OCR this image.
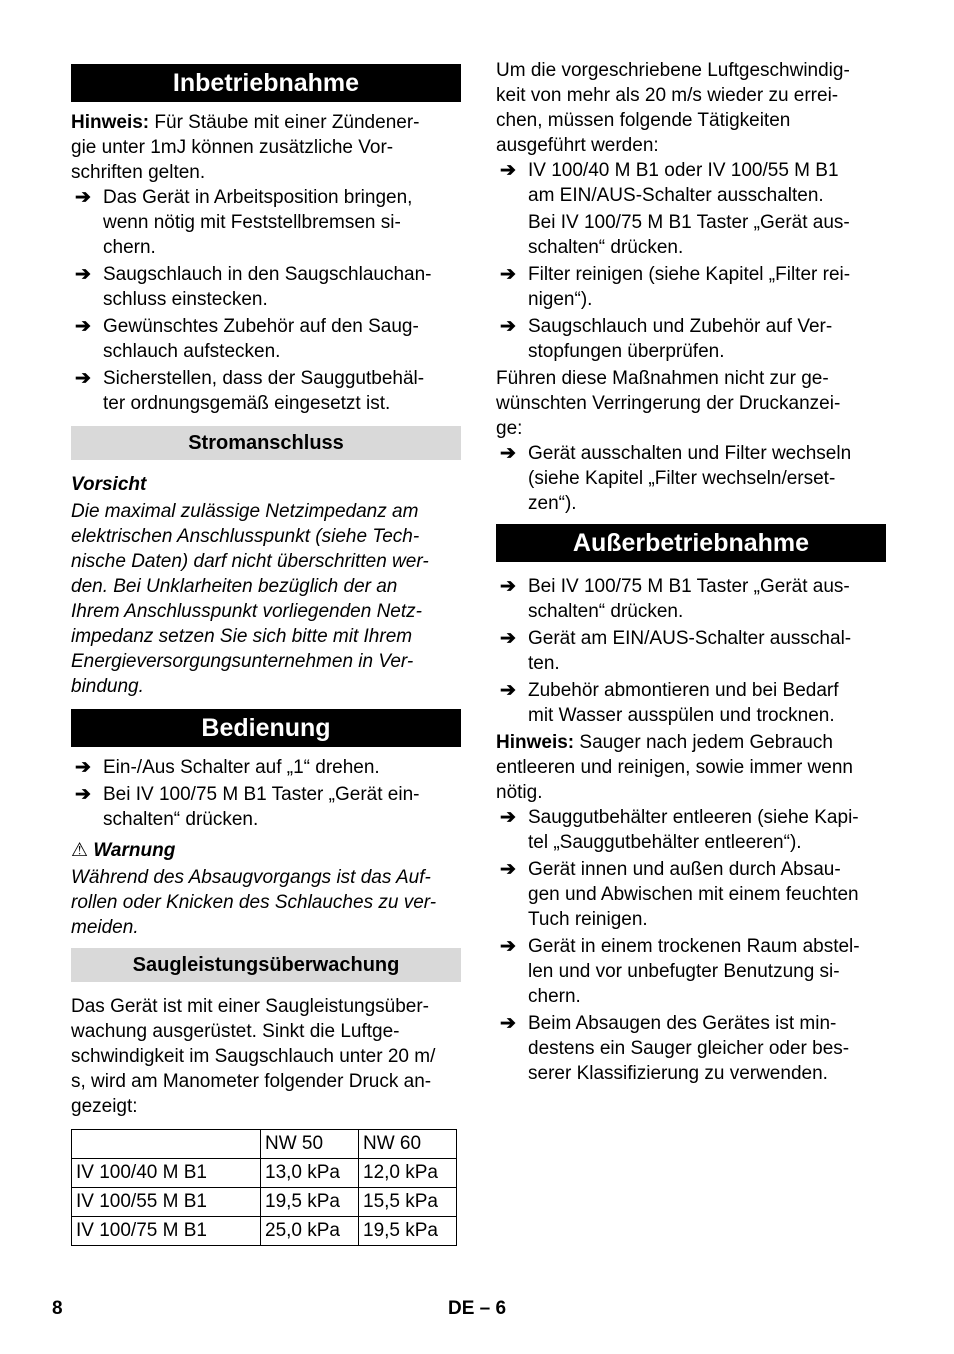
Inbetriebnahme

Hinweis: Für Stäube mit einer Zündener-
gie unter 1mJ können zusätzliche Vor-
schriften gelten.

➔ Das Gerät in Arbeitsposition bringen,
wenn nötig mit Feststellbremsen si-
chern.
➔ Saugschlauch in den Saugschlauchan-
schluss einstecken.
➔ Gewünschtes Zubehör auf den Saug-
schlauch aufstecken.
➔ Sicherstellen, dass der Sauggutbehäl-
ter ordnungsgemäß eingesetzt ist.
Stromanschluss
Vorsicht

Die maximal zulässige Netzimpedanz am
elektrischen Anschlusspunkt (siehe Tech-
nische Daten) darf nicht überschritten wer-
den. Bei Unklarheiten bezüglich der an
Ihrem Anschlusspunkt vorliegenden Netz-
impedanz setzen Sie sich bitte mit Ihrem
Energieversorgungsunternehmen in Ver-
bindung.

Bedienung
➔ Ein-/Aus Schalter auf „1“ drehen.
➔ Bei IV 100/75 M B1 Taster „Gerät ein-
schalten“ drücken.
⚠ Warnung

Während des Absaugvorgangs ist das Auf-
rollen oder Knicken des Schlauches zu ver-
meiden.

Saugleistungsüberwachung

Das Gerät ist mit einer Saugleistungsüber-
wachung ausgerüstet. Sinkt die Luftge-
schwindigkeit im Saugschlauch unter 20 m/
s, wird am Manometer folgender Druck an-
gezeigt:

	NW 50	NW 60
IV 100/40 M B1	13,0 kPa	12,0 kPa
IV 100/55 M B1	19,5 kPa	15,5 kPa
IV 100/75 M B1	25,0 kPa	19,5 kPa

Um die vorgeschriebene Luftgeschwindig-
keit von mehr als 20 m/s wieder zu errei-
chen, müssen folgende Tätigkeiten
ausgeführt werden:

➔ IV 100/40 M B1 oder IV 100/55 M B1
am EIN/AUS-Schalter ausschalten.
Bei IV 100/75 M B1 Taster „Gerät aus-
schalten“ drücken.
➔ Filter reinigen (siehe Kapitel „Filter rei-
nigen“).
➔ Saugschlauch und Zubehör auf Ver-
stopfungen überprüfen.

Führen diese Maßnahmen nicht zur ge-
wünschten Verringerung der Druckanzei-
ge:

➔ Gerät ausschalten und Filter wechseln
(siehe Kapitel „Filter wechseln/erset-
zen“).
Außerbetriebnahme
➔ Bei IV 100/75 M B1 Taster „Gerät aus-
schalten“ drücken.
➔ Gerät am EIN/AUS-Schalter ausschal-
ten.
➔ Zubehör abmontieren und bei Bedarf
mit Wasser ausspülen und trocknen.

Hinweis: Sauger nach jedem Gebrauch
entleeren und reinigen, sowie immer wenn
nötig.

➔ Sauggutbehälter entleeren (siehe Kapi-
tel „Sauggutbehälter entleeren“).
➔ Gerät innen und außen durch Absau-
gen und Abwischen mit einem feuchten
Tuch reinigen.
➔ Gerät in einem trockenen Raum abstel-
len und vor unbefugter Benutzung si-
chern.
➔ Beim Absaugen des Gerätes ist min-
destens ein Sauger gleicher oder bes-
serer Klassifizierung zu verwenden.
8	DE – 6
